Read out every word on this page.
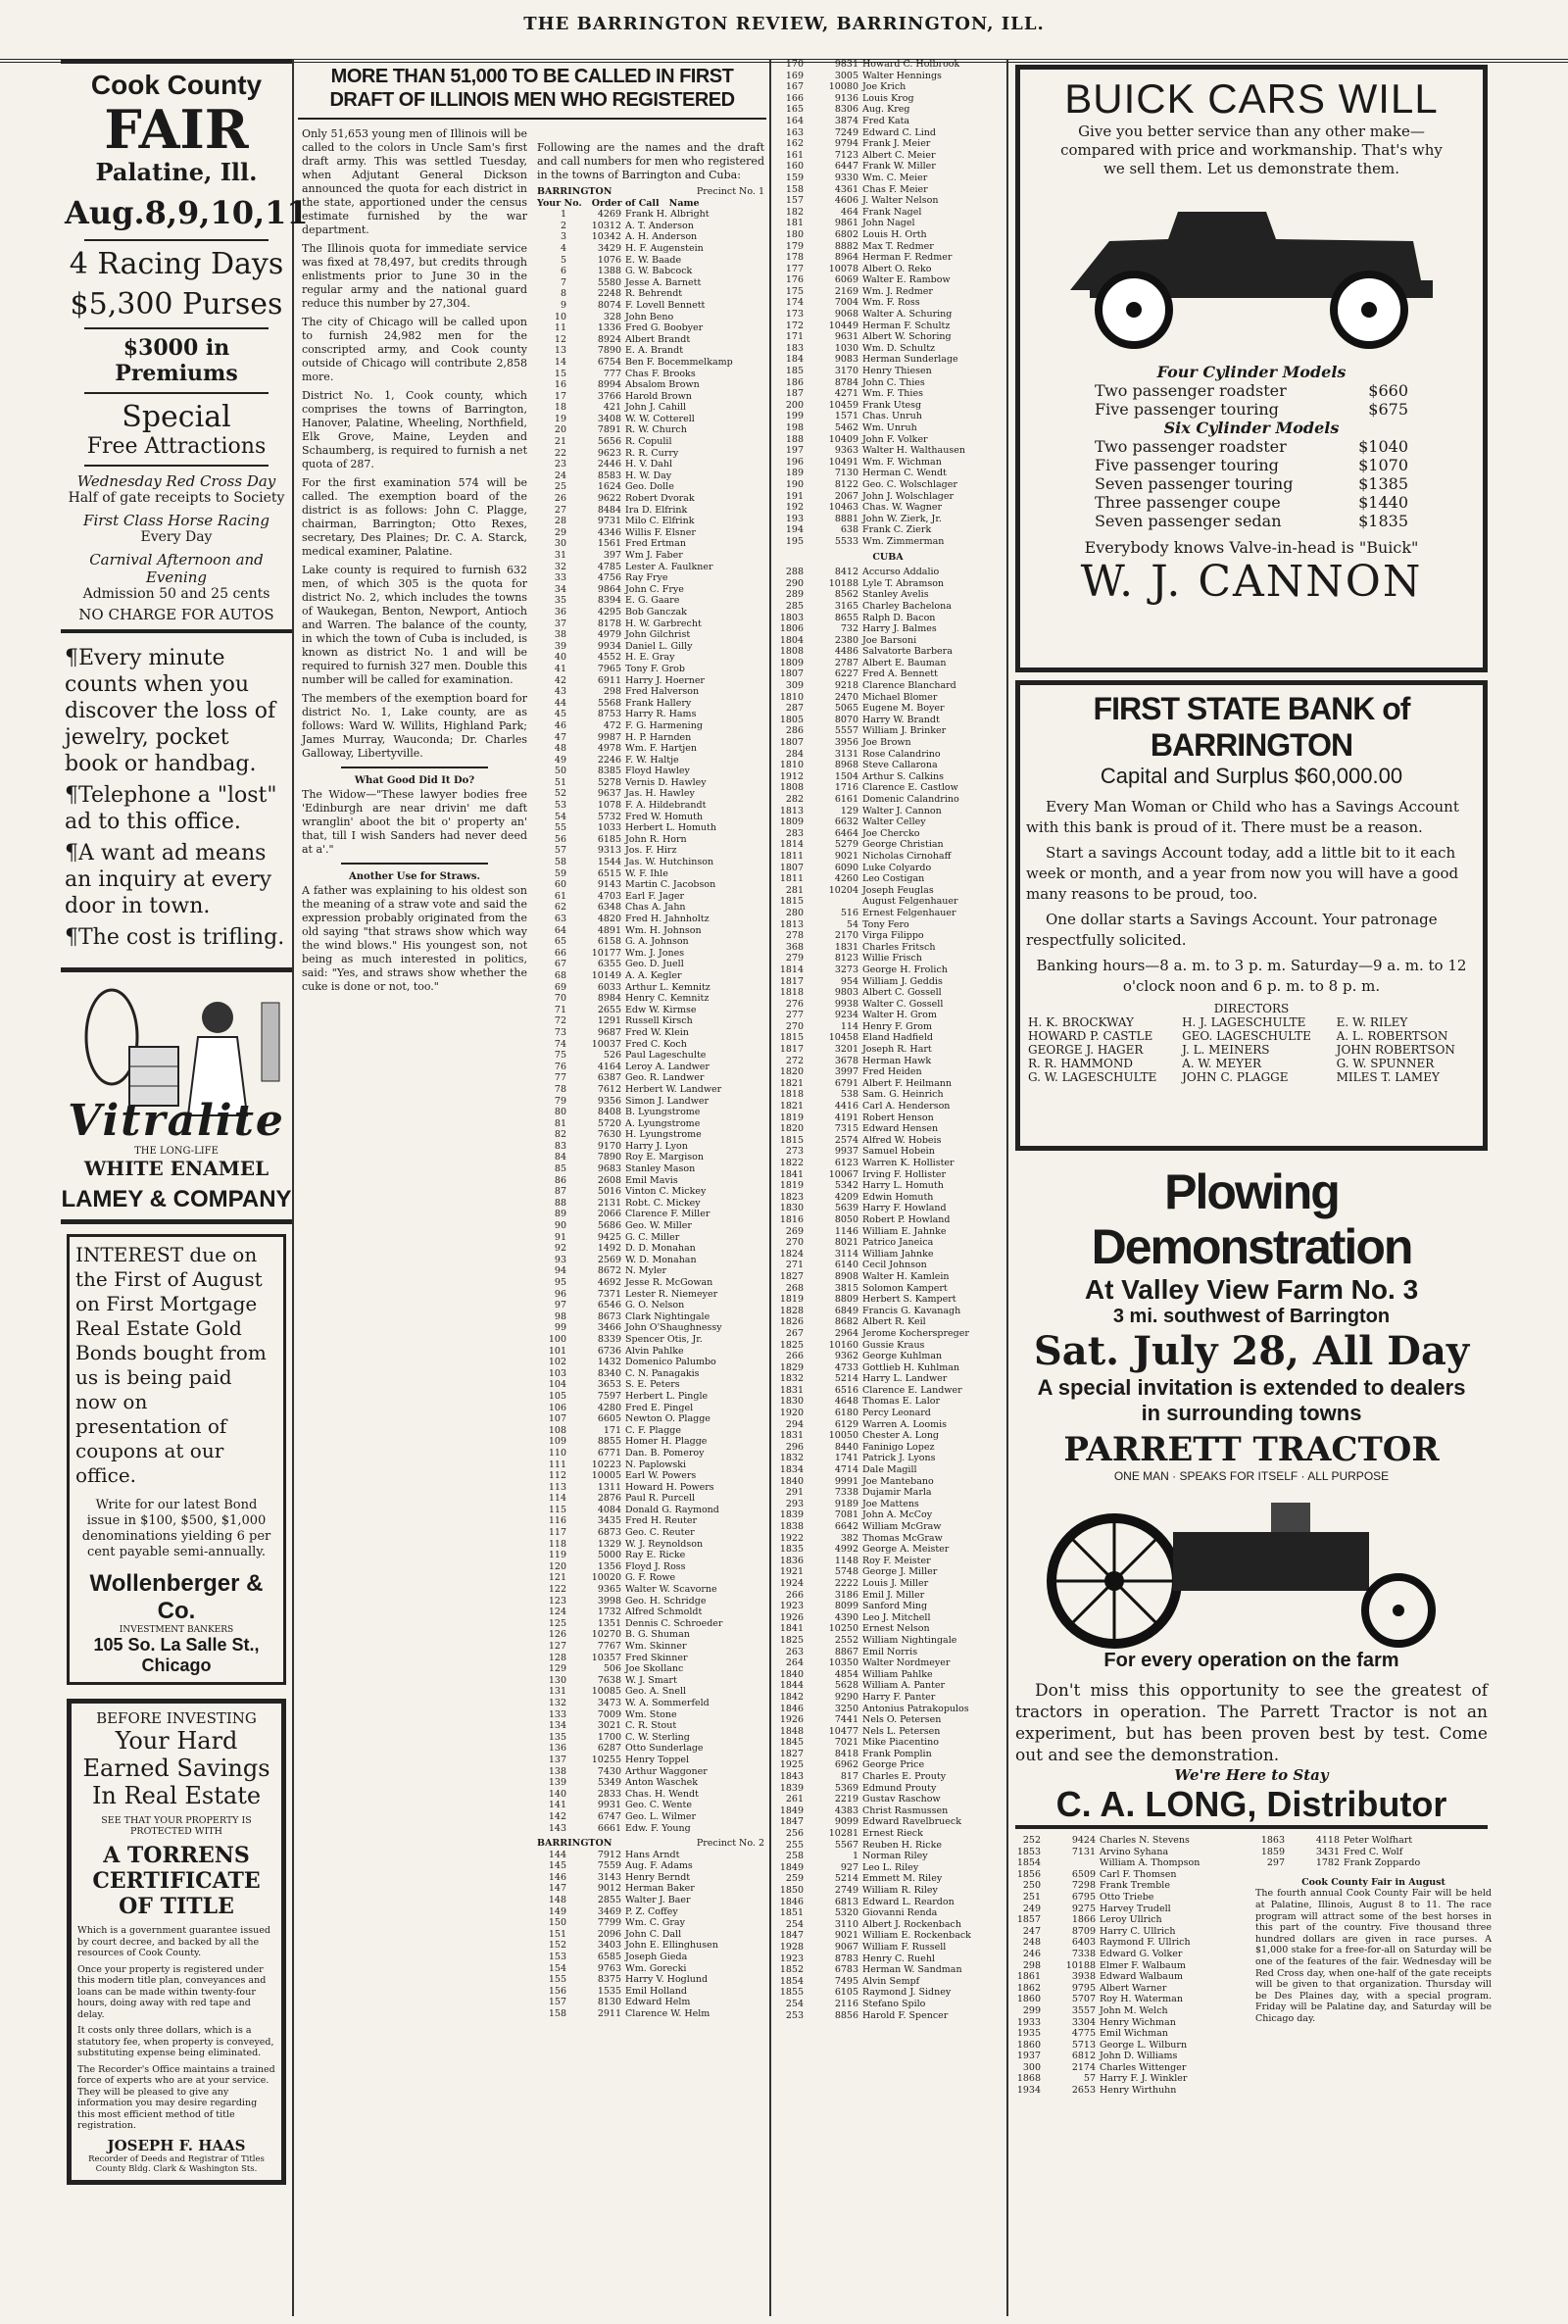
THE BARRINGTON REVIEW, BARRINGTON, ILL.
Cook County
FAIR
Palatine, Ill.
Aug.8,9,10,11
4 Racing Days
$5,300 Purses
$3000 in Premiums
Special
Free Attractions
Wednesday Red Cross Day
Half of gate receipts to Society
First Class Horse Racing
Every Day
Carnival Afternoon and Evening
Admission 50 and 25 cents
NO CHARGE FOR AUTOS

¶Every minute counts when you discover the loss of jewelry, pocket book or handbag.

¶Telephone a "lost" ad to this office.

¶A want ad means an inquiry at every door in town.

¶The cost is trifling.

Vitralite
THE LONG-LIFE
WHITE ENAMEL
LAMEY & COMPANY
INTEREST due on the First of August on First Mortgage Real Estate Gold Bonds bought from us is being paid now on presentation of coupons at our office.
Write for our latest Bond issue in $100, $500, $1,000 denominations yielding 6 per cent payable semi-annually.
Wollenberger & Co.
INVESTMENT BANKERS
105 So. La Salle St., Chicago
BEFORE INVESTING
Your Hard Earned Savings
In Real Estate
SEE THAT YOUR PROPERTY IS PROTECTED WITH
A TORRENS CERTIFICATE
OF TITLE

Which is a government guarantee issued by court decree, and backed by all the resources of Cook County.

Once your property is registered under this modern title plan, conveyances and loans can be made within twenty-four hours, doing away with red tape and delay.

It costs only three dollars, which is a statutory fee, when property is conveyed, substituting expense being eliminated.

The Recorder's Office maintains a trained force of experts who are at your service. They will be pleased to give any information you may desire regarding this most efficient method of title registration.

JOSEPH F. HAAS
Recorder of Deeds and Registrar of Titles
County Bldg. Clark & Washington Sts.
MORE THAN 51,000 TO BE CALLED IN FIRST
DRAFT OF ILLINOIS MEN WHO REGISTERED

Only 51,653 young men of Illinois will be called to the colors in Uncle Sam's first draft army. This was settled Tuesday, when Adjutant General Dickson announced the quota for each district in the state, apportioned under the census estimate furnished by the war department.

The Illinois quota for immediate service was fixed at 78,497, but credits through enlistments prior to June 30 in the regular army and the national guard reduce this number by 27,304.

The city of Chicago will be called upon to furnish 24,982 men for the conscripted army, and Cook county outside of Chicago will contribute 2,858 more.

District No. 1, Cook county, which comprises the towns of Barrington, Hanover, Palatine, Wheeling, Northfield, Elk Grove, Maine, Leyden and Schaumberg, is required to furnish a net quota of 287.

For the first examination 574 will be called. The exemption board of the district is as follows: John C. Plagge, chairman, Barrington; Otto Rexes, secretary, Des Plaines; Dr. C. A. Starck, medical examiner, Palatine.

Lake county is required to furnish 632 men, of which 305 is the quota for district No. 2, which includes the towns of Waukegan, Benton, Newport, Antioch and Warren. The balance of the county, in which the town of Cuba is included, is known as district No. 1 and will be required to furnish 327 men. Double this number will be called for examination.

The members of the exemption board for district No. 1, Lake county, are as follows: Ward W. Willits, Highland Park; James Murray, Wauconda; Dr. Charles Galloway, Libertyville.

What Good Did It Do?

The Widow—"These lawyer bodies free 'Edinburgh are near drivin' me daft wranglin' aboot the bit o' property an' that, till I wish Sanders had never deed at a'."

Another Use for Straws.

A father was explaining to his oldest son the meaning of a straw vote and said the expression probably originated from the old saying "that straws show which way the wind blows." His youngest son, not being as much interested in politics, said: "Yes, and straws show whether the cuke is done or not, too."

Following are the names and the draft and call numbers for men who registered in the towns of Barrington and Cuba:
BARRINGTON	Precinct No. 1
Your No. Order of Call Name
1	4269	Frank H. Albright
2	10312	A. T. Anderson
3	10342	A. H. Anderson
4	3429	H. F. Augenstein
5	1076	E. W. Baade
6	1388	G. W. Babcock
7	5580	Jesse A. Barnett
8	2248	R. Behrendt
9	8074	F. Lovell Bennett
10	328	John Beno
11	1336	Fred G. Boobyer
12	8924	Albert Brandt
13	7890	E. A. Brandt
14	6754	Ben F. Bocemmelkamp
15	777	Chas F. Brooks
16	8994	Absalom Brown
17	3766	Harold Brown
18	421	John J. Cahill
19	3408	W. W. Cotterell
20	7891	R. W. Church
21	5656	R. Copulil
22	9623	R. R. Curry
23	2446	H. V. Dahl
24	8583	H. W. Day
25	1624	Geo. Dolle
26	9622	Robert Dvorak
27	8484	Ira D. Elfrink
28	9731	Milo C. Elfrink
29	4346	Willis F. Elsner
30	1561	Fred Ertman
31	397	Wm J. Faber
32	4785	Lester A. Faulkner
33	4756	Ray Frye
34	9864	John C. Frye
35	8394	E. G. Gaare
36	4295	Bob Ganczak
37	8178	H. W. Garbrecht
38	4979	John Gilchrist
39	9934	Daniel L. Gilly
40	4552	H. E. Gray
41	7965	Tony F. Grob
42	6911	Harry J. Hoerner
43	298	Fred Halverson
44	5568	Frank Hallery
45	8753	Harry R. Hams
46	472	F. G. Harmening
47	9987	H. P. Harnden
48	4978	Wm. F. Hartjen
49	2246	F. W. Haltje
50	8385	Floyd Hawley
51	5278	Vernis D. Hawley
52	9637	Jas. H. Hawley
53	1078	F. A. Hildebrandt
54	5732	Fred W. Homuth
55	1033	Herbert L. Homuth
56	6185	John R. Horn
57	9313	Jos. F. Hirz
58	1544	Jas. W. Hutchinson
59	6515	W. F. Ihle
60	9143	Martin C. Jacobson
61	4703	Earl F. Jager
62	6348	Chas A. Jahn
63	4820	Fred H. Jahnholtz
64	4891	Wm. H. Johnson
65	6158	G. A. Johnson
66	10177	Wm. J. Jones
67	6355	Geo. D. Juell
68	10149	A. A. Kegler
69	6033	Arthur L. Kemnitz
70	8984	Henry C. Kemnitz
71	2655	Edw W. Kirmse
72	1291	Russell Kirsch
73	9687	Fred W. Klein
74	10037	Fred C. Koch
75	526	Paul Lageschulte
76	4164	Leroy A. Landwer
77	6387	Geo. R. Landwer
78	7612	Herbert W. Landwer
79	9356	Simon J. Landwer
80	8408	B. Lyungstrome
81	5720	A. Lyungstrome
82	7630	H. Lyungstrome
83	9170	Harry J. Lyon
84	7890	Roy E. Margison
85	9683	Stanley Mason
86	2608	Emil Mavis
87	5016	Vinton C. Mickey
88	2131	Robt. C. Mickey
89	2066	Clarence F. Miller
90	5686	Geo. W. Miller
91	9425	G. C. Miller
92	1492	D. D. Monahan
93	2569	W. D. Monahan
94	8672	N. Myler
95	4692	Jesse R. McGowan
96	7371	Lester R. Niemeyer
97	6546	G. O. Nelson
98	8673	Clark Nightingale
99	3466	John O'Shaughnessy
100	8339	Spencer Otis, Jr.
101	6736	Alvin Pahlke
102	1432	Domenico Palumbo
103	8340	C. N. Panagakis
104	3653	S. E. Peters
105	7597	Herbert L. Pingle
106	4280	Fred E. Pingel
107	6605	Newton O. Plagge
108	171	C. F. Plagge
109	8855	Homer H. Plagge
110	6771	Dan. B. Pomeroy
111	10223	N. Paplowski
112	10005	Earl W. Powers
113	1311	Howard H. Powers
114	2876	Paul R. Purcell
115	4084	Donald G. Raymond
116	3435	Fred H. Reuter
117	6873	Geo. C. Reuter
118	1329	W. J. Reynoldson
119	5000	Ray E. Ricke
120	1356	Floyd J. Ross
121	10020	G. F. Rowe
122	9365	Walter W. Scavorne
123	3998	Geo. H. Schridge
124	1732	Alfred Schmoldt
125	1351	Dennis C. Schroeder
126	10270	B. G. Shuman
127	7767	Wm. Skinner
128	10357	Fred Skinner
129	506	Joe Skollanc
130	7638	W. J. Smart
131	10085	Geo. A. Snell
132	3473	W. A. Sommerfeld
133	7009	Wm. Stone
134	3021	C. R. Stout
135	1700	C. W. Sterling
136	6287	Otto Sunderlage
137	10255	Henry Toppel
138	7430	Arthur Waggoner
139	5349	Anton Waschek
140	2833	Chas. H. Wendt
141	9931	Geo. C. Wente
142	6747	Geo. L. Wilmer
143	6661	Edw. F. Young
BARRINGTON	Precinct No. 2
144	7912	Hans Arndt
145	7559	Aug. F. Adams
146	3143	Henry Berndt
147	9012	Herman Baker
148	2855	Walter J. Baer
149	3469	P. Z. Coffey
150	7799	Wm. C. Gray
151	2096	John C. Dall
152	3403	John E. Ellinghusen
153	6585	Joseph Gieda
154	9763	Wm. Gorecki
155	8375	Harry V. Hoglund
156	1535	Emil Holland
157	8130	Edward Helm
158	2911	Clarence W. Helm
170	9831	Howard C. Holbrook
169	3005	Walter Hennings
167	10080	Joe Krich
166	9136	Louis Krog
165	8306	Aug. Kreg
164	3874	Fred Kata
163	7249	Edward C. Lind
162	9794	Frank J. Meier
161	7123	Albert C. Meier
160	6447	Frank W. Miller
159	9330	Wm. C. Meier
158	4361	Chas F. Meier
157	4606	J. Walter Nelson
182	464	Frank Nagel
181	9861	John Nagel
180	6802	Louis H. Orth
179	8882	Max T. Redmer
178	8964	Herman F. Redmer
177	10078	Albert O. Reko
176	6069	Walter E. Rambow
175	2169	Wm. J. Redmer
174	7004	Wm. F. Ross
173	9068	Walter A. Schuring
172	10449	Herman F. Schultz
171	9631	Albert W. Schoring
183	1030	Wm. D. Schultz
184	9083	Herman Sunderlage
185	3170	Henry Thiesen
186	8784	John C. Thies
187	4271	Wm. F. Thies
200	10459	Frank Utesg
199	1571	Chas. Unruh
198	5462	Wm. Unruh
188	10409	John F. Volker
197	9363	Walter H. Walthausen
196	10491	Wm. F. Wichman
189	7130	Herman C. Wendt
190	8122	Geo. C. Wolschlager
191	2067	John J. Wolschlager
192	10463	Chas. W. Wagner
193	8881	John W. Zierk, Jr.
194	638	Frank C. Zierk
195	5533	Wm. Zimmerman
CUBA
288	8412	Accurso Addalio
290	10188	Lyle T. Abramson
289	8562	Stanley Avelis
285	3165	Charley Bachelona
1803	8655	Ralph D. Bacon
1806	732	Harry J. Balmes
1804	2380	Joe Barsoni
1808	4486	Salvatorte Barbera
1809	2787	Albert E. Bauman
1807	6227	Fred A. Bennett
309	9218	Clarence Blanchard
1810	2470	Michael Blomer
287	5065	Eugene M. Boyer
1805	8070	Harry W. Brandt
286	5557	William J. Brinker
1807	3956	Joe Brown
284	3131	Rose Calandrino
1810	8968	Steve Callarona
1912	1504	Arthur S. Calkins
1808	1716	Clarence E. Castlow
282	6161	Domenic Calandrino
1813	129	Walter J. Cannon
1809	6632	Walter Celley
283	6464	Joe Chercko
1814	5279	George Christian
1811	9021	Nicholas Cirnohaff
1807	6090	Luke Colyardo
1811	4260	Leo Costigan
281	10204	Joseph Feuglas
1815		August Felgenhauer
280	516	Ernest Felgenhauer
1813	54	Tony Fero
278	2170	Virga Filippo
368	1831	Charles Fritsch
279	8123	Willie Frisch
1814	3273	George H. Frolich
1817	954	William J. Geddis
1818	9803	Albert C. Gossell
276	9938	Walter C. Gossell
277	9234	Walter H. Grom
270	114	Henry F. Grom
1815	10458	Eland Hadfield
1817	3201	Joseph R. Hart
272	3678	Herman Hawk
1820	3997	Fred Heiden
1821	6791	Albert F. Heilmann
1818	538	Sam. G. Heinrich
1821	4416	Carl A. Henderson
1819	4191	Robert Henson
1820	7315	Edward Hensen
1815	2574	Alfred W. Hobeis
273	9937	Samuel Hobein
1822	6123	Warren K. Hollister
1841	10067	Irving F. Hollister
1819	5342	Harry L. Homuth
1823	4209	Edwin Homuth
1830	5639	Harry F. Howland
1816	8050	Robert P. Howland
269	1146	William E. Jahnke
270	8021	Patrico Janeica
1824	3114	William Jahnke
271	6140	Cecil Johnson
1827	8908	Walter H. Kamlein
268	3815	Solomon Kampert
1819	8809	Herbert S. Kampert
1828	6849	Francis G. Kavanagh
1826	8682	Albert R. Keil
267	2964	Jerome Kocherspreger
1825	10160	Gussie Kraus
266	9362	George Kuhlman
1829	4733	Gottlieb H. Kuhlman
1832	5214	Harry L. Landwer
1831	6516	Clarence E. Landwer
1830	4648	Thomas E. Lalor
1920	6180	Percy Leonard
294	6129	Warren A. Loomis
1831	10050	Chester A. Long
296	8440	Faninigo Lopez
1832	1741	Patrick J. Lyons
1834	4714	Dale Magill
1840	9991	Joe Mantebano
291	7338	Dujamir Marla
293	9189	Joe Mattens
1839	7081	John A. McCoy
1838	6642	William McGraw
1922	382	Thomas McGraw
1835	4992	George A. Meister
1836	1148	Roy F. Meister
1921	5748	George J. Miller
1924	2222	Louis J. Miller
266	3186	Emil J. Miller
1923	8099	Sanford Ming
1926	4390	Leo J. Mitchell
1841	10250	Ernest Nelson
1825	2552	William Nightingale
263	8867	Emil Norris
264	10350	Walter Nordmeyer
1840	4854	William Pahlke
1844	5628	William A. Panter
1842	9290	Harry F. Panter
1846	3250	Antonius Patrakopulos
1926	7441	Nels O. Petersen
1848	10477	Nels L. Petersen
1845	7021	Mike Piacentino
1827	8418	Frank Pomplin
1925	6962	George Price
1843	817	Charles E. Prouty
1839	5369	Edmund Prouty
261	2219	Gustav Raschow
1849	4383	Christ Rasmussen
1847	9099	Edward Ravelbrueck
256	10281	Ernest Rieck
255	5567	Reuben H. Ricke
258	1	Norman Riley
1849	927	Leo L. Riley
259	5214	Emmett M. Riley
1850	2749	William R. Riley
1846	6813	Edward L. Reardon
1851	5320	Giovanni Renda
254	3110	Albert J. Rockenbach
1847	9021	William E. Rockenback
1928	9067	William F. Russell
1923	8783	Henry C. Ruehl
1852	6783	Herman W. Sandman
1854	7495	Alvin Sempf
1855	6105	Raymond J. Sidney
254	2116	Stefano Spilo
253	8856	Harold F. Spencer
BUICK CARS WILL
Give you better service than any other make—compared with price and workmanship. That's why we sell them. Let us demonstrate them.
Four Cylinder Models
Two passenger roadster	$660
Five passenger touring	$675
Six Cylinder Models
Two passenger roadster	$1040
Five passenger touring	$1070
Seven passenger touring	$1385
Three passenger coupe	$1440
Seven passenger sedan	$1835
Everybody knows Valve-in-head is "Buick"
W. J. CANNON
FIRST STATE BANK of BARRINGTON
Capital and Surplus $60,000.00

Every Man Woman or Child who has a Savings Account with this bank is proud of it. There must be a reason.

Start a savings Account today, add a little bit to it each week or month, and a year from now you will have a good many reasons to be proud, too.

One dollar starts a Savings Account. Your patronage respectfully solicited.

Banking hours—8 a. m. to 3 p. m. Saturday—9 a. m. to 12 o'clock noon and 6 p. m. to 8 p. m.

DIRECTORS
H. K. BROCKWAY	H. J. LAGESCHULTE	E. W. RILEY
HOWARD P. CASTLE	GEO. LAGESCHULTE	A. L. ROBERTSON
GEORGE J. HAGER	J. L. MEINERS	JOHN ROBERTSON
R. R. HAMMOND	A. W. MEYER	G. W. SPUNNER
G. W. LAGESCHULTE	JOHN C. PLAGGE	MILES T. LAMEY
Plowing Demonstration
At Valley View Farm No. 3
3 mi. southwest of Barrington
Sat. July 28, All Day
A special invitation is extended to dealers in surrounding towns
PARRETT TRACTOR
ONE MAN · SPEAKS FOR ITSELF · ALL PURPOSE
For every operation on the farm
Don't miss this opportunity to see the greatest of tractors in operation. The Parrett Tractor is not an experiment, but has been proven best by test. Come out and see the demonstration.
We're Here to Stay
C. A. LONG, Distributor
252	9424	Charles N. Stevens
1853	7131	Arvino Syhana
1854		William A. Thompson
1856	6509	Carl F. Thomsen
250	7298	Frank Tremble
251	6795	Otto Triebe
249	9275	Harvey Trudell
1857	1866	Leroy Ullrich
247	8709	Harry C. Ullrich
248	6403	Raymond F. Ullrich
246	7338	Edward G. Volker
298	10188	Elmer F. Walbaum
1861	3938	Edward Walbaum
1862	9795	Albert Warner
1860	5707	Roy H. Waterman
299	3557	John M. Welch
1933	3304	Henry Wichman
1935	4775	Emil Wichman
1860	5713	George L. Wilburn
1937	6812	John D. Williams
300	2174	Charles Wittenger
1868	57	Harry F. J. Winkler
1934	2653	Henry Wirthuhn
1863	4118	Peter Wolfhart
1859	3431	Fred C. Wolf
297	1782	Frank Zoppardo
Cook County Fair in August
The fourth annual Cook County Fair will be held at Palatine, Illinois, August 8 to 11. The race program will attract some of the best horses in this part of the country. Five thousand three hundred dollars are given in race purses. A $1,000 stake for a free-for-all on Saturday will be one of the features of the fair. Wednesday will be Red Cross day, when one-half of the gate receipts will be given to that organization. Thursday will be Des Plaines day, with a special program. Friday will be Palatine day, and Saturday will be Chicago day.
